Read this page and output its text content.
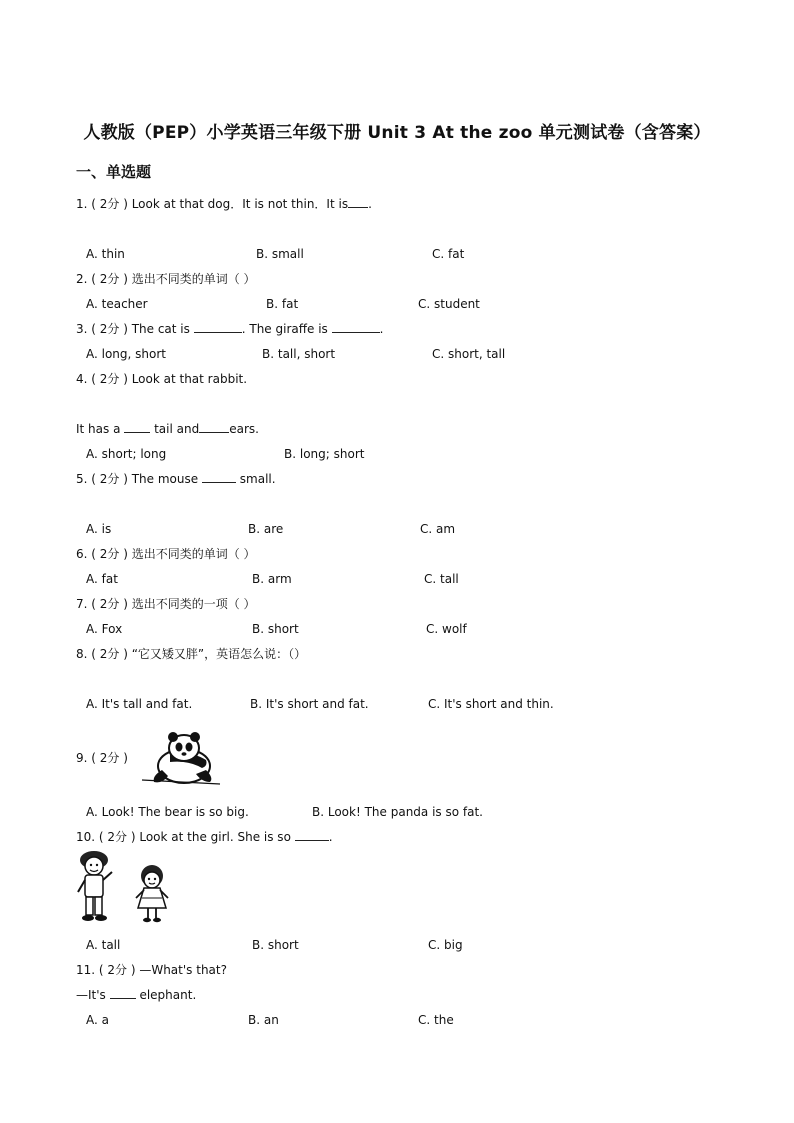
人教版（PEP）小学英语三年级下册 Unit 3 At the zoo 单元测试卷（含答案）
一、单选题
1. ( 2分 ) Look at that dog．It is not thin．It is .
A. thin	B. small	C. fat
2. ( 2分 ) 选出不同类的单词（ ）
A. teacher	B. fat	C. student
3. ( 2分 ) The cat is	. The giraffe is	.
A. long, short	B. tall, short	C. short, tall
4. ( 2分 ) Look at that rabbit.
It has a	tail and	ears.
A. short; long	B. long; short
5. ( 2分 ) The mouse	small.
A. is	B. are	C. am
6. ( 2分 ) 选出不同类的单词（ ）
A. fat	B. arm	C. tall
7. ( 2分 ) 选出不同类的一项（ ）
A. Fox	B. short	C. wolf
8. ( 2分 ) “它又矮又胖”，英语怎么说：（）
A. It's tall and fat.	B. It's short and fat.	C. It's short and thin.
9. ( 2分 )
A. Look! The bear is so big.	B. Look! The panda is so fat.
10. ( 2分 ) Look at the girl. She is so	.
A. tall	B. short	C. big
11. ( 2分 ) —What's that?
—It's	elephant.
A. a	B. an	C. the
